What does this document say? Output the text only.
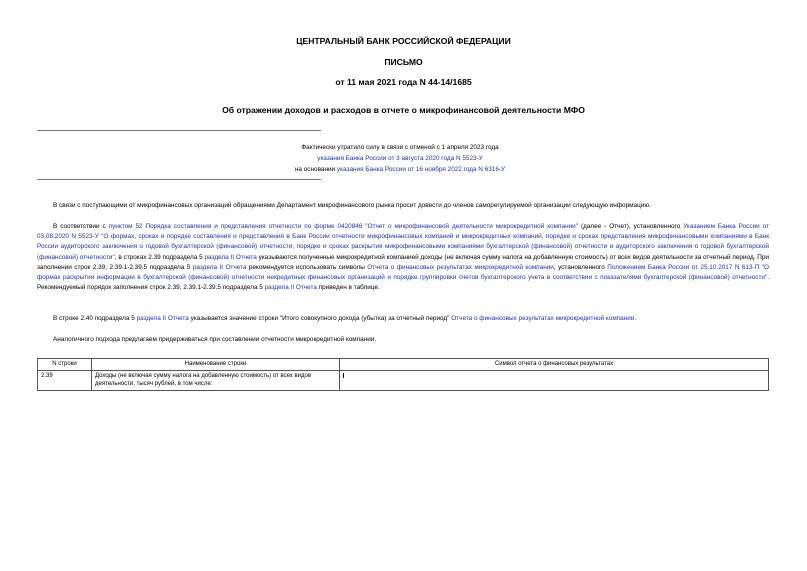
ЦЕНТРАЛЬНЫЙ БАНК РОССИЙСКОЙ ФЕДЕРАЦИИ
ПИСЬМО
от 11 мая 2021 года N 44-14/1685
Об отражении доходов и расходов в отчете о микрофинансовой деятельности МФО
Фактически утратило силу в связи с отменой с 1 апреля 2023 года
указания Банка России от 3 августа 2020 года N 5523-У
на основании указания Банка России от 16 ноября 2022 года N 6316-У
В связи с поступающими от микрофинансовых организаций обращениями Департамент микрофинансового рынка просит довести до членов саморегулируемой организации следующую информацию.
В соответствии с пунктом 52 Порядка составления и представления отчетности по форме 0420846 "Отчет о микрофинансовой деятельности микрокредитной компании" (далее - Отчет), установленного Указанием Банка России от 03.08.2020 N 5523-У "О формах, сроках и порядке составления и представления в Банк России отчетности микрофинансовых компаний и микрокредитных компаний, порядке и сроках представления микрофинансовыми компаниями в Банк России аудиторского заключения о годовой бухгалтерской (финансовой) отчетности, порядке и сроках раскрытия микрофинансовыми компаниями бухгалтерской (финансовой) отчетности и аудиторского заключения о годовой бухгалтерской (финансовой) отчетности", в строках 2.39 подраздела 5 раздела II Отчета указываются полученные микрокредитной компанией доходы (не включая сумму налога на добавленную стоимость) от всех видов деятельности за отчетный период. При заполнении строк 2.39, 2.39.1-2.39.5 подраздела 5 раздела II Отчета рекомендуется использовать символы Отчета о финансовых результатах микрокредитной компании, установленного Положением Банка России от 25.10.2017 N 613-П "О формах раскрытия информации в бухгалтерской (финансовой) отчетности некредитных финансовых организаций и порядке группировки счетов бухгалтерского учета в соответствии с показателями бухгалтерской (финансовой) отчетности". Рекомендуемый порядок заполнения строк 2.39, 2.39.1-2.39.5 подраздела 5 раздела II Отчета приведен в таблице.
В строке 2.40 подраздела 5 раздела II Отчета указывается значение строки "Итого совокупного дохода (убытка) за отчетный период" Отчета о финансовых результатах микрокредитной компании.
Аналогичного подхода предлагаем придерживаться при составлении отчетности микрокредитной компании.
N строки	Наименование строки	Символ отчета о финансовых результатах
2.39	Доходы (не включая сумму налога на добавленную стоимость) от всех видов деятельности, тысяч рублей, в том числе:	
